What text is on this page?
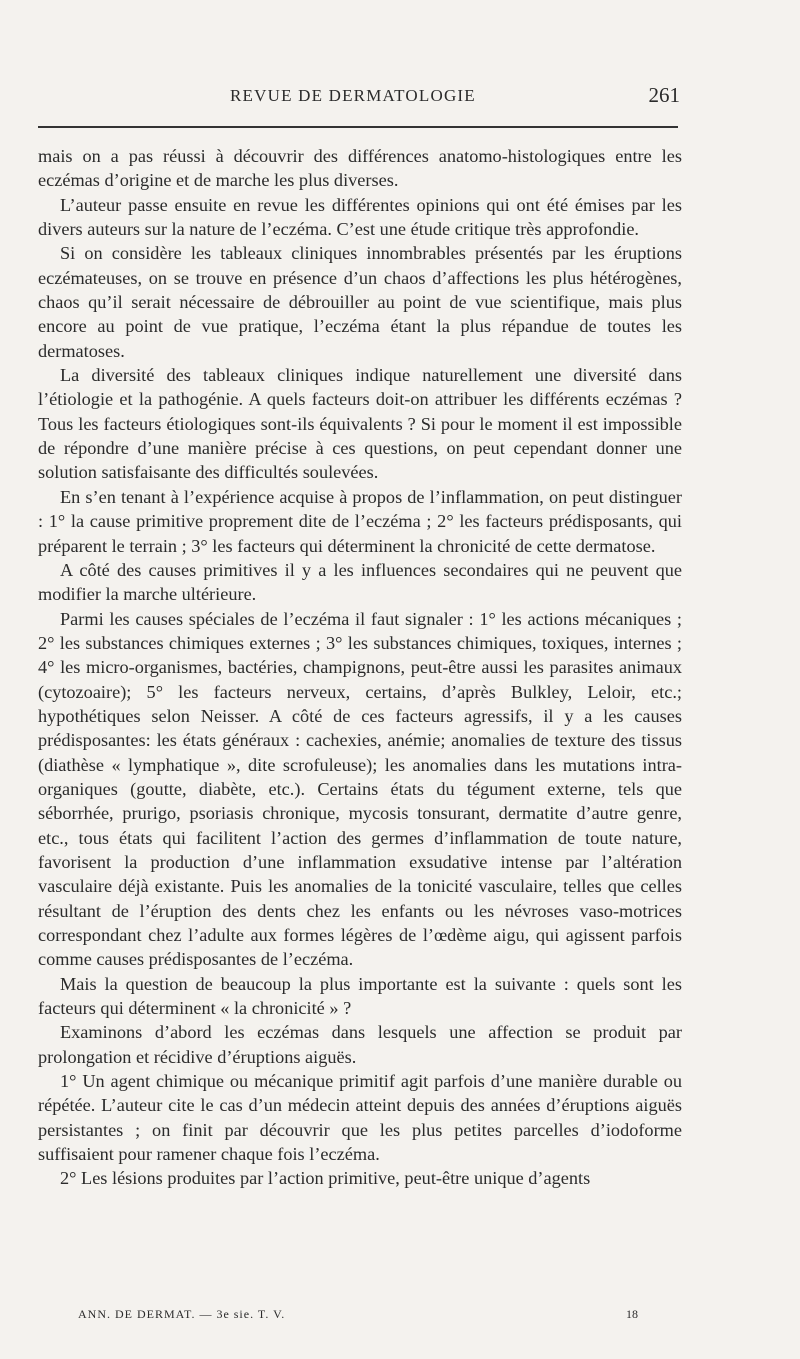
REVUE DE DERMATOLOGIE	261

mais on a pas réussi à découvrir des différences anatomo-histologiques entre les eczémas d’origine et de marche les plus diverses.

L’auteur passe ensuite en revue les différentes opinions qui ont été émises par les divers auteurs sur la nature de l’eczéma. C’est une étude critique très approfondie.

Si on considère les tableaux cliniques innombrables présentés par les éruptions eczémateuses, on se trouve en présence d’un chaos d’affections les plus hétérogènes, chaos qu’il serait nécessaire de débrouiller au point de vue scientifique, mais plus encore au point de vue pratique, l’eczéma étant la plus répandue de toutes les dermatoses.

La diversité des tableaux cliniques indique naturellement une diversité dans l’étiologie et la pathogénie. A quels facteurs doit-on attribuer les différents eczémas ? Tous les facteurs étiologiques sont-ils équivalents ? Si pour le moment il est impossible de répondre d’une manière précise à ces questions, on peut cependant donner une solution satisfaisante des difficultés soulevées.

En s’en tenant à l’expérience acquise à propos de l’inflammation, on peut distinguer : 1° la cause primitive proprement dite de l’eczéma ; 2° les facteurs prédisposants, qui préparent le terrain ; 3° les facteurs qui déterminent la chronicité de cette dermatose.

A côté des causes primitives il y a les influences secondaires qui ne peuvent que modifier la marche ultérieure.

Parmi les causes spéciales de l’eczéma il faut signaler : 1° les actions mécaniques ; 2° les substances chimiques externes ; 3° les substances chimiques, toxiques, internes ; 4° les micro-organismes, bactéries, champignons, peut-être aussi les parasites animaux (cytozoaire); 5° les facteurs nerveux, certains, d’après Bulkley, Leloir, etc.; hypothétiques selon Neisser. A côté de ces facteurs agressifs, il y a les causes prédisposantes: les états généraux : cachexies, anémie; anomalies de texture des tissus (diathèse « lymphatique », dite scrofuleuse); les anomalies dans les mutations intra-organiques (goutte, diabète, etc.). Certains états du tégument externe, tels que séborrhée, prurigo, psoriasis chronique, mycosis tonsurant, dermatite d’autre genre, etc., tous états qui facilitent l’action des germes d’inflammation de toute nature, favorisent la production d’une inflammation exsudative intense par l’altération vasculaire déjà existante. Puis les anomalies de la tonicité vasculaire, telles que celles résultant de l’éruption des dents chez les enfants ou les névroses vaso-motrices correspondant chez l’adulte aux formes légères de l’œdème aigu, qui agissent parfois comme causes prédisposantes de l’eczéma.

Mais la question de beaucoup la plus importante est la suivante : quels sont les facteurs qui déterminent « la chronicité » ?

Examinons d’abord les eczémas dans lesquels une affection se produit par prolongation et récidive d’éruptions aiguës.

1° Un agent chimique ou mécanique primitif agit parfois d’une manière durable ou répétée. L’auteur cite le cas d’un médecin atteint depuis des années d’éruptions aiguës persistantes ; on finit par découvrir que les plus petites parcelles d’iodoforme suffisaient pour ramener chaque fois l’eczéma.

2° Les lésions produites par l’action primitive, peut-être unique d’agents

ANN. DE DERMAT. — 3e sie. T. V.	18
